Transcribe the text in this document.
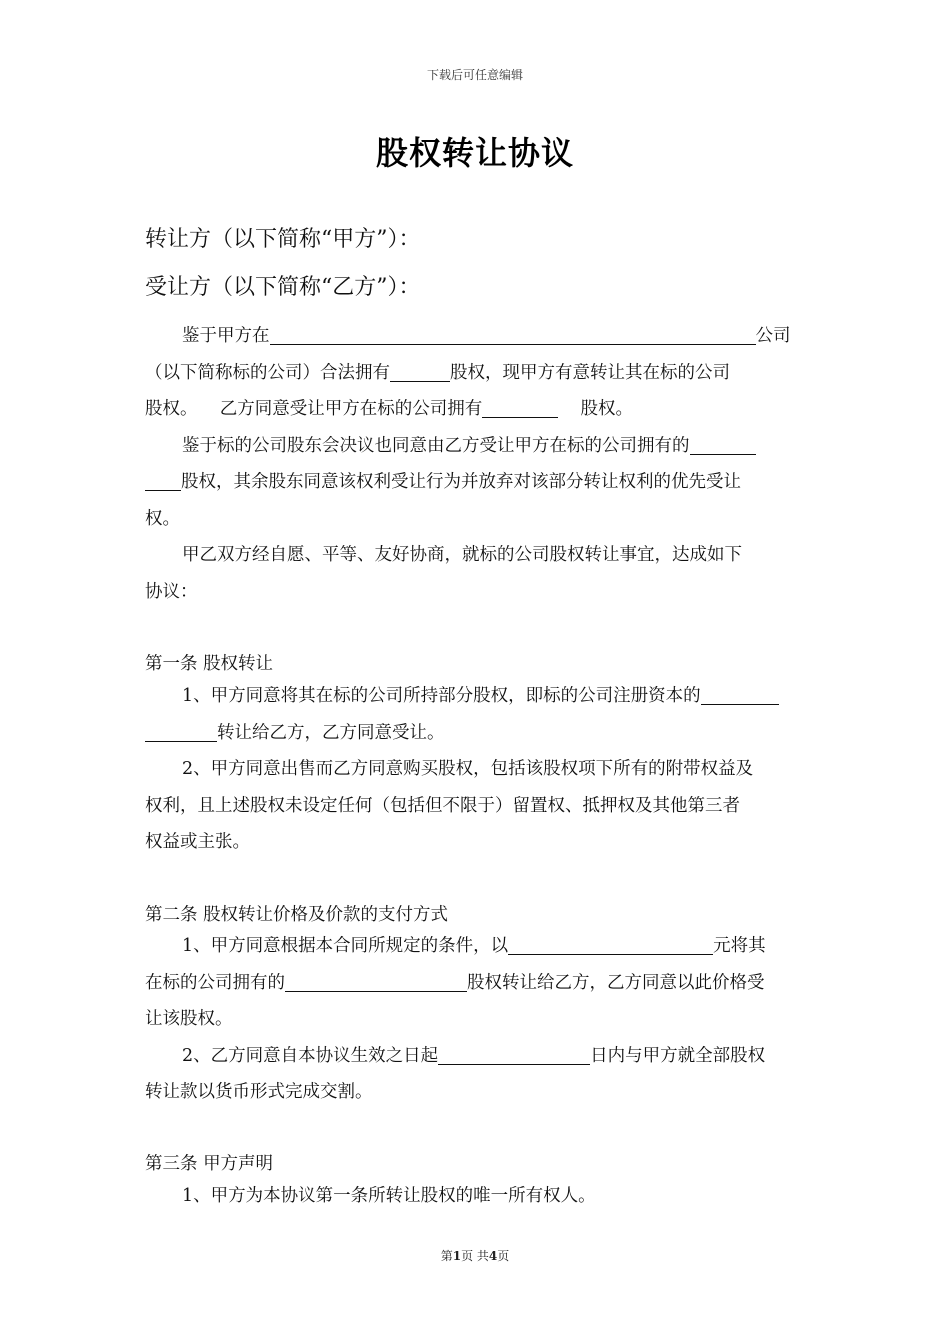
下载后可任意编辑
股权转让协议
转让方（以下简称“甲方”）：
受让方（以下简称“乙方”）：
鉴于甲方在	公司
（以下简称标的公司）合法拥有	股权，现甲方有意转让其在标的公司
股权。    乙方同意受让甲方在标的公司拥有	股权。
鉴于标的公司股东会决议也同意由乙方受让甲方在标的公司拥有的
股权，其余股东同意该权利受让行为并放弃对该部分转让权利的优先受让
权。
甲乙双方经自愿、平等、友好协商，就标的公司股权转让事宜，达成如下
协议：
第一条 股权转让
1、甲方同意将其在标的公司所持部分股权，即标的公司注册资本的
转让给乙方，乙方同意受让。
2、甲方同意出售而乙方同意购买股权，包括该股权项下所有的附带权益及
权利，且上述股权未设定任何（包括但不限于）留置权、抵押权及其他第三者
权益或主张。
第二条 股权转让价格及价款的支付方式
1、甲方同意根据本合同所规定的条件，以	元将其
在标的公司拥有的	股权转让给乙方，乙方同意以此价格受
让该股权。
2、乙方同意自本协议生效之日起	日内与甲方就全部股权
转让款以货币形式完成交割。
第三条 甲方声明
1、甲方为本协议第一条所转让股权的唯一所有权人。
第1页 共4页
